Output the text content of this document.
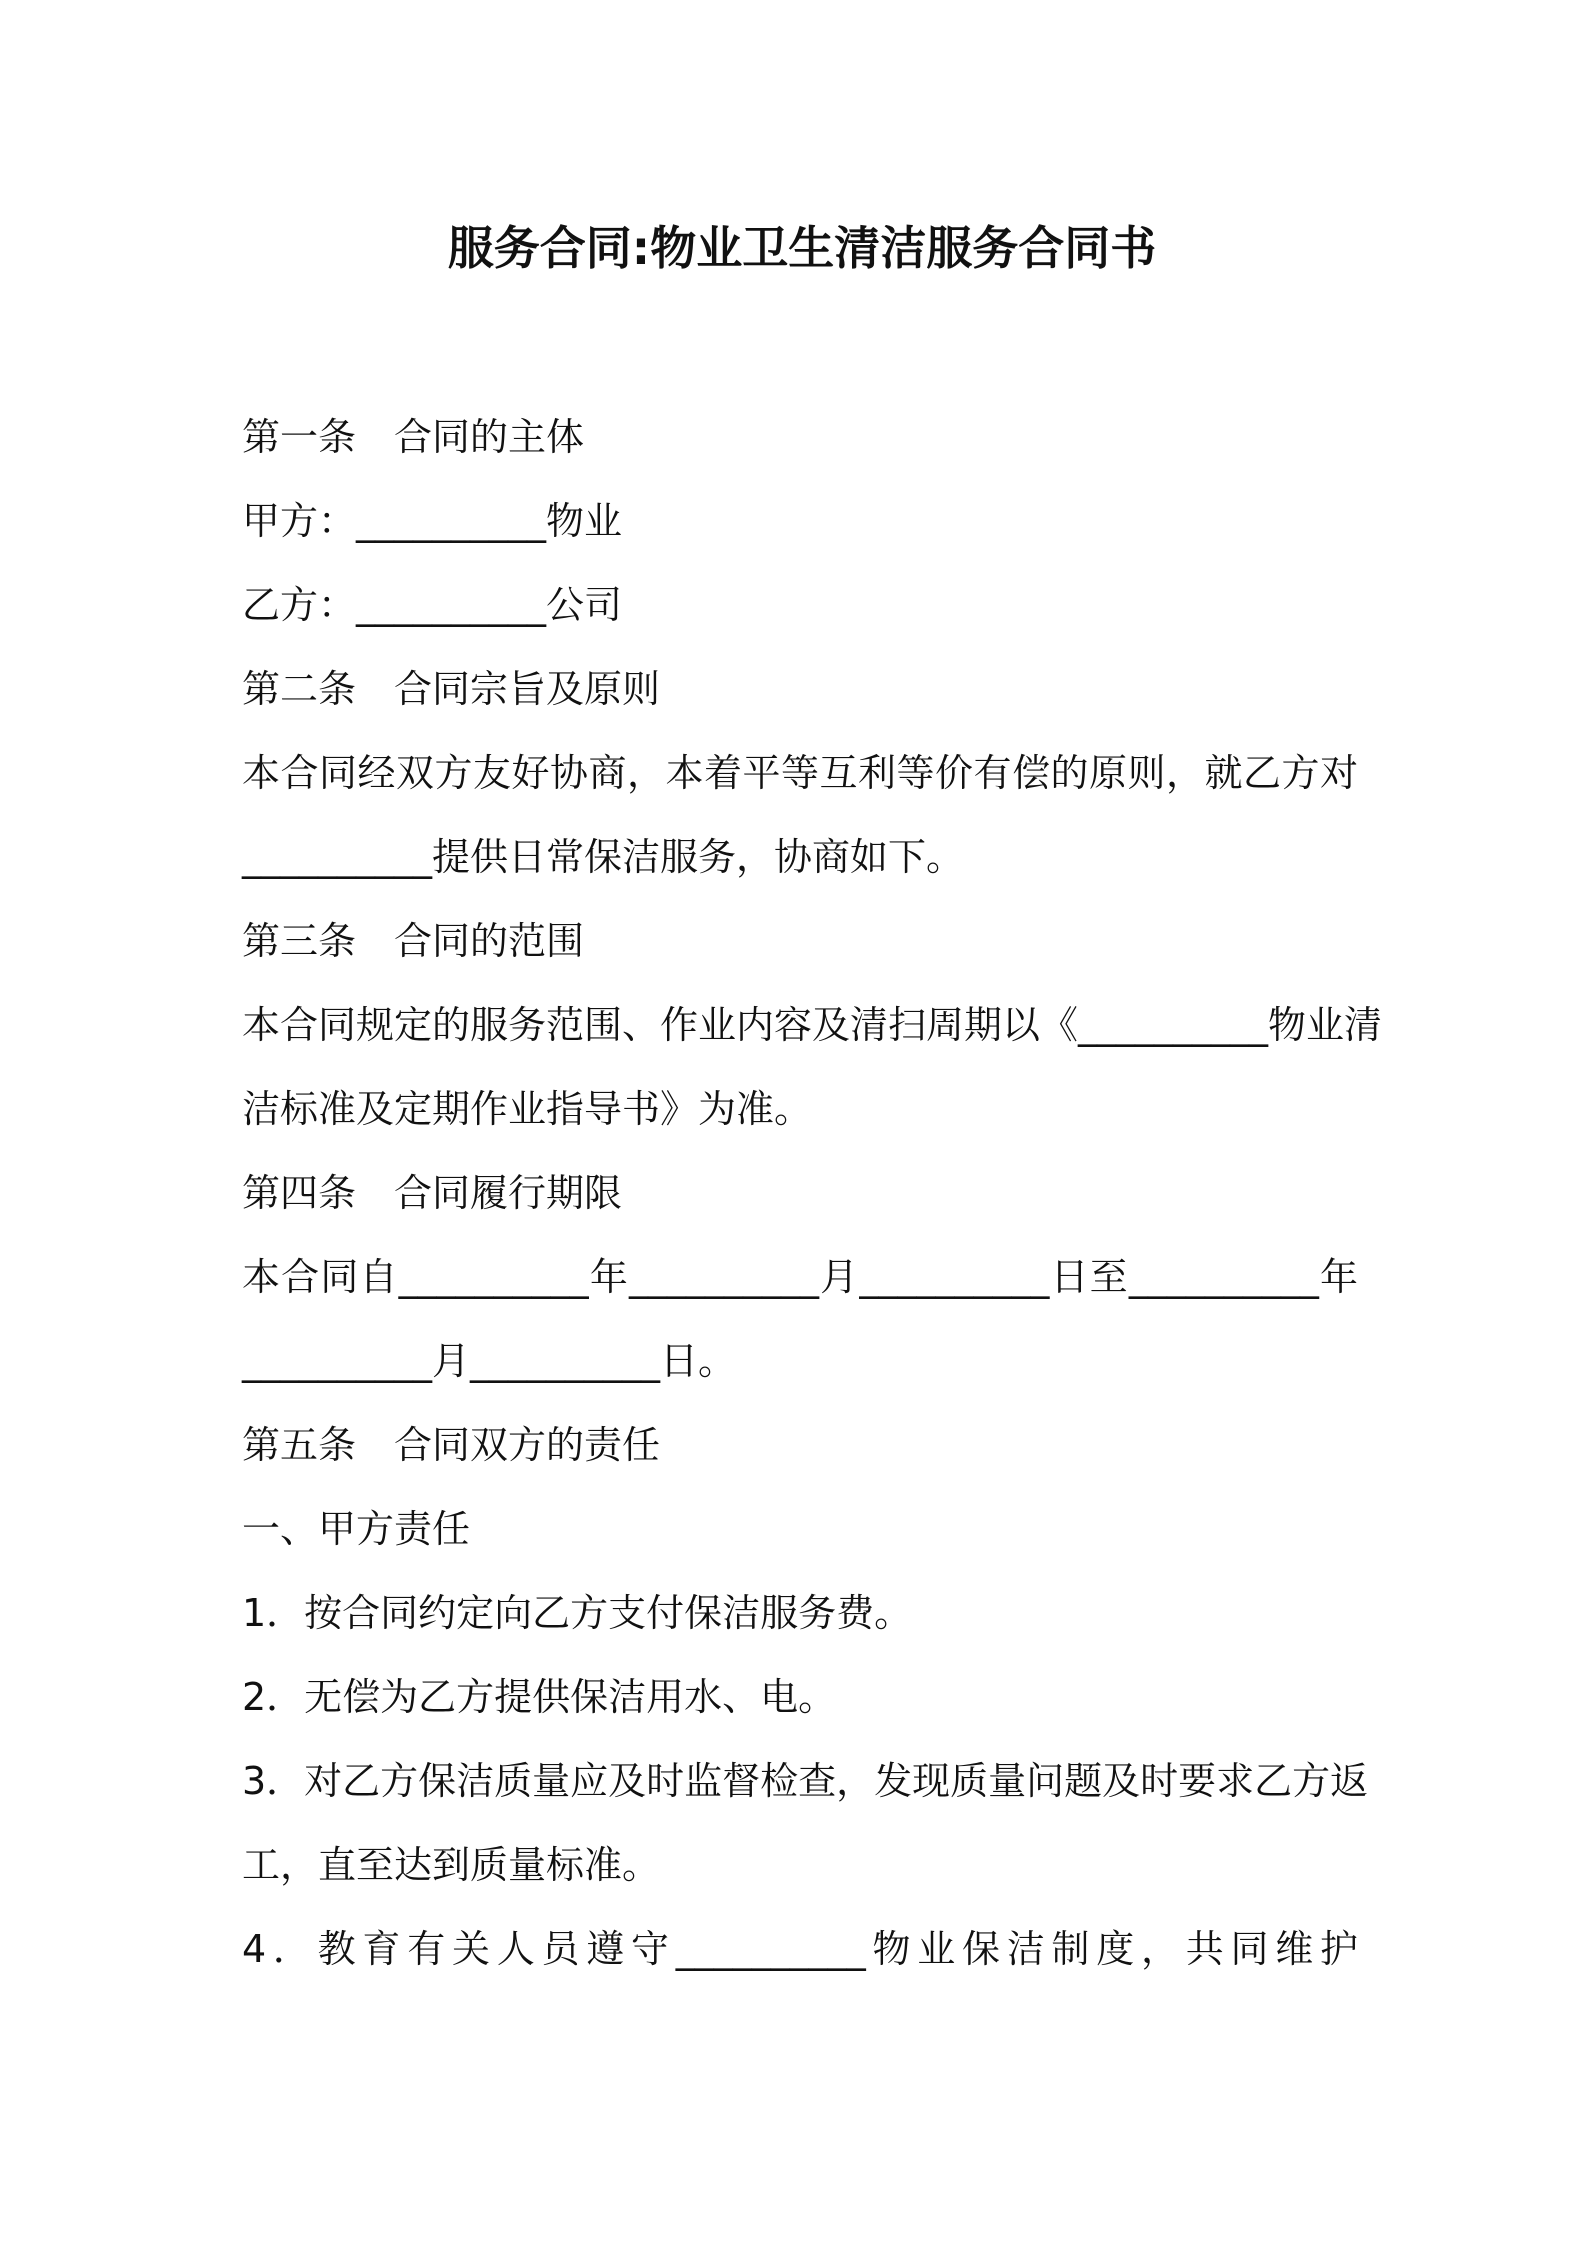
服务合同:物业卫生清洁服务合同书
第一条　合同的主体
甲方：__________物业
乙方：__________公司
第二条　合同宗旨及原则
本合同经双方友好协商，本着平等互利等价有偿的原则，就乙方对
__________提供日常保洁服务，协商如下。
第三条　合同的范围
本合同规定的服务范围、作业内容及清扫周期以《__________物业清
洁标准及定期作业指导书》为准。
第四条　合同履行期限
本合同自__________年__________月__________日至__________年
__________月__________日。
第五条　合同双方的责任
一、甲方责任
1．按合同约定向乙方支付保洁服务费。
2．无偿为乙方提供保洁用水、电。
3．对乙方保洁质量应及时监督检查，发现质量问题及时要求乙方返
工，直至达到质量标准。
4．教育有关人员遵守__________物业保洁制度，共同维护
